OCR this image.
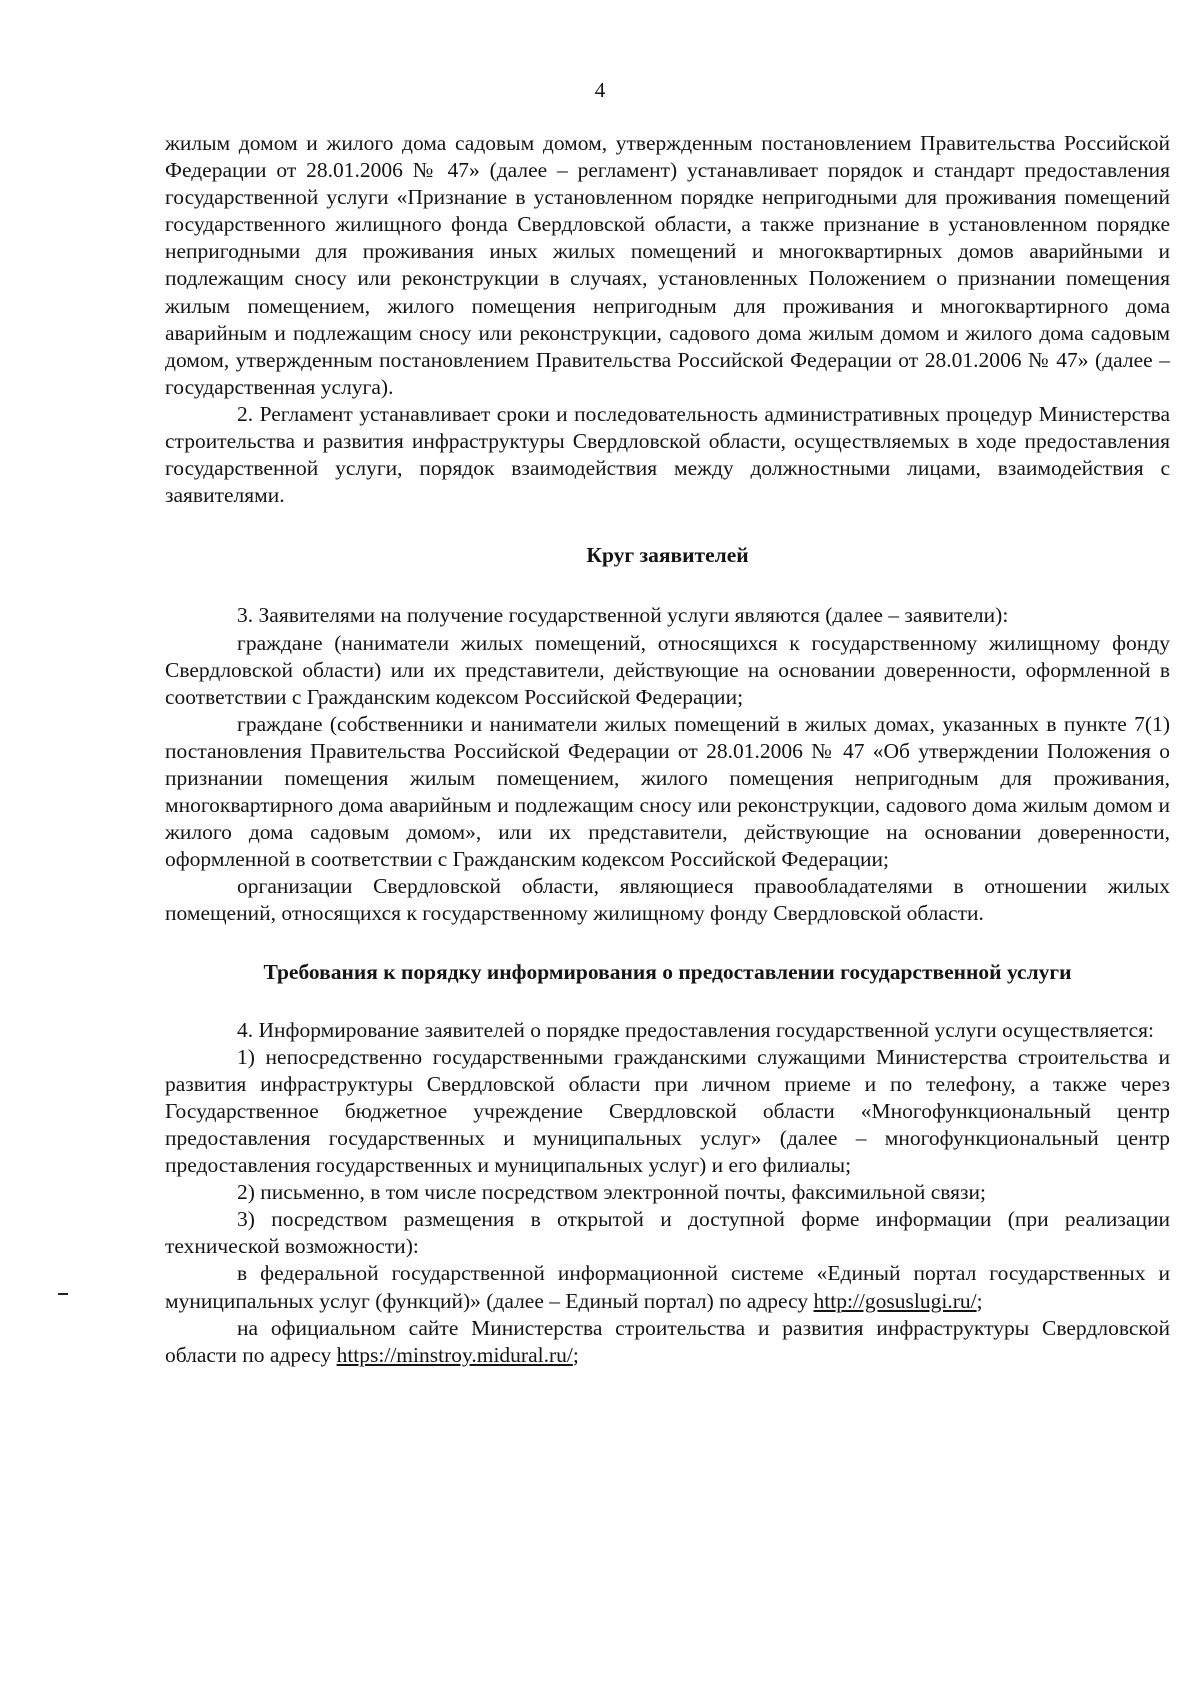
4

жилым домом и жилого дома садовым домом, утвержденным постановлением Правительства Российской Федерации от 28.01.2006 № 47» (далее – регламент) устанавливает порядок и стандарт предоставления государственной услуги «Признание в установленном порядке непригодными для проживания помещений государственного жилищного фонда Свердловской области, а также признание в установленном порядке непригодными для проживания иных жилых помещений и многоквартирных домов аварийными и подлежащим сносу или реконструкции в случаях, установленных Положением о признании помещения жилым помещением, жилого помещения непригодным для проживания и многоквартирного дома аварийным и подлежащим сносу или реконструкции, садового дома жилым домом и жилого дома садовым домом, утвержденным постановлением Правительства Российской Федерации от 28.01.2006 № 47» (далее – государственная услуга).

2. Регламент устанавливает сроки и последовательность административных процедур Министерства строительства и развития инфраструктуры Свердловской области, осуществляемых в ходе предоставления государственной услуги, порядок взаимодействия между должностными лицами, взаимодействия с заявителями.

Круг заявителей

3. Заявителями на получение государственной услуги являются (далее – заявители):

граждане (наниматели жилых помещений, относящихся к государственному жилищному фонду Свердловской области) или их представители, действующие на основании доверенности, оформленной в соответствии с Гражданским кодексом Российской Федерации;

граждане (собственники и наниматели жилых помещений в жилых домах, указанных в пункте 7(1) постановления Правительства Российской Федерации от 28.01.2006 № 47 «Об утверждении Положения о признании помещения жилым помещением, жилого помещения непригодным для проживания, многоквартирного дома аварийным и подлежащим сносу или реконструкции, садового дома жилым домом и жилого дома садовым домом», или их представители, действующие на основании доверенности, оформленной в соответствии с Гражданским кодексом Российской Федерации;

организации Свердловской области, являющиеся правообладателями в отношении жилых помещений, относящихся к государственному жилищному фонду Свердловской области.

Требования к порядку информирования о предоставлении государственной услуги

4. Информирование заявителей о порядке предоставления государственной услуги осуществляется:

1) непосредственно государственными гражданскими служащими Министерства строительства и развития инфраструктуры Свердловской области при личном приеме и по телефону, а также через Государственное бюджетное учреждение Свердловской области «Многофункциональный центр предоставления государственных и муниципальных услуг» (далее – многофункциональный центр предоставления государственных и муниципальных услуг) и его филиалы;

2) письменно, в том числе посредством электронной почты, факсимильной связи;

3) посредством размещения в открытой и доступной форме информации (при реализации технической возможности):

в федеральной государственной информационной системе «Единый портал государственных и муниципальных услуг (функций)» (далее – Единый портал) по адресу http://gosuslugi.ru/;

на официальном сайте Министерства строительства и развития инфраструктуры Свердловской области по адресу https://minstroy.midural.ru/;
